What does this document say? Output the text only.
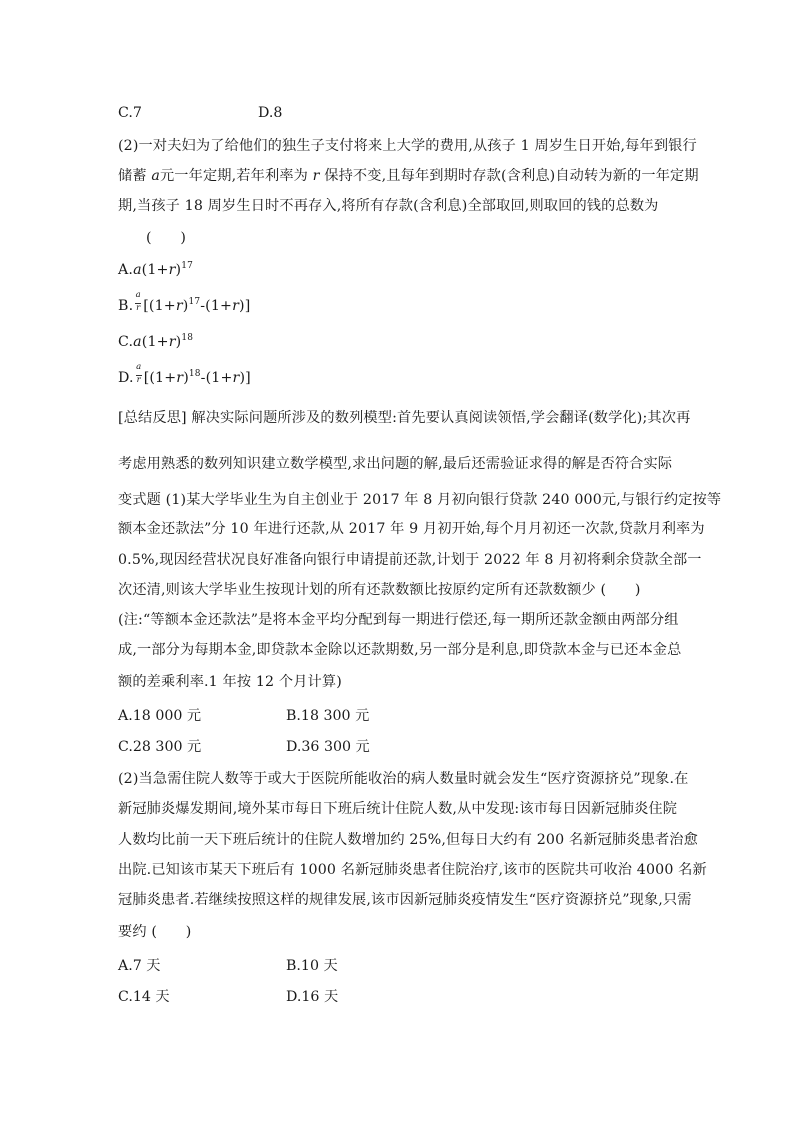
C.7	D.8
(2)一对夫妇为了给他们的独生子支付将来上大学的费用,从孩子 1 周岁生日开始,每年到银行
储蓄 a元一年定期,若年利率为 r 保持不变,且每年到期时存款(含利息)自动转为新的一年定期
期,当孩子 18 周岁生日时不再存入,将所有存款(含利息)全部取回,则取回的钱的总数为
(　　)
$A.a(1+r)^{17}$
B. $\frac{a}{r} [(1+r)^{17}-(1+r)]$
$C.a(1+r)^{18}$
D. $\frac{a}{r} [(1+r)^{18}-(1+r)]$
[总结反思] 解决实际问题所涉及的数列模型:首先要认真阅读领悟,学会翻译(数学化);其次再
考虑用熟悉的数列知识建立数学模型,求出问题的解,最后还需验证求得的解是否符合实际
变式题 (1)某大学毕业生为自主创业于 2017 年 8 月初向银行贷款 240 000元,与银行约定按等
额本金还款法”分 10 年进行还款,从 2017 年 9 月初开始,每个月月初还一次款,贷款月利率为
0.5%,现因经营状况良好准备向银行申请提前还款,计划于 2022 年 8 月初将剩余贷款全部一
次还清,则该大学毕业生按现计划的所有还款数额比按原约定所有还款数额少 (　　)
(注:“等额本金还款法”是将本金平均分配到每一期进行偿还,每一期所还款金额由两部分组
成,一部分为每期本金,即贷款本金除以还款期数,另一部分是利息,即贷款本金与已还本金总
额的差乘利率.1 年按 12 个月计算)
A.18 000 元	B.18 300 元
C.28 300 元	D.36 300 元
(2)当急需住院人数等于或大于医院所能收治的病人数量时就会发生“医疗资源挤兑”现象.在
新冠肺炎爆发期间,境外某市每日下班后统计住院人数,从中发现:该市每日因新冠肺炎住院
人数均比前一天下班后统计的住院人数增加约 25%,但每日大约有 200 名新冠肺炎患者治愈
出院.已知该市某天下班后有 1000 名新冠肺炎患者住院治疗,该市的医院共可收治 4000 名新
冠肺炎患者.若继续按照这样的规律发展,该市因新冠肺炎疫情发生“医疗资源挤兑”现象,只需
要约 (　　)
A.7 天	B.10 天
C.14 天	D.16 天
